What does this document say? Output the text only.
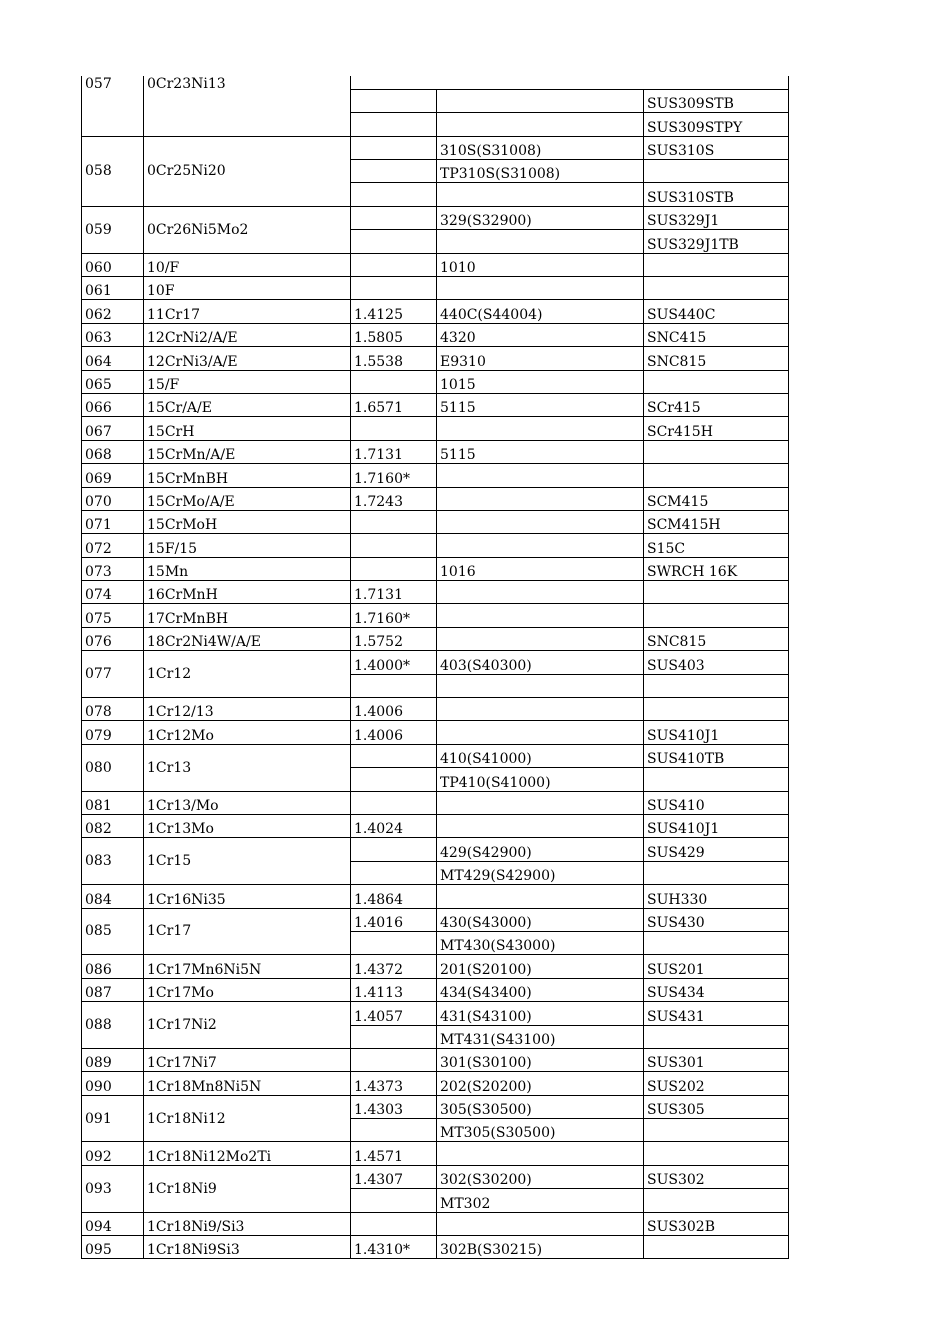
057	0Cr23Ni13			
				SUS309STB
				SUS309STPY
058	0Cr25Ni20		310S(S31008)	SUS310S
			TP310S(S31008)	
				SUS310STB
059	0Cr26Ni5Mo2		329(S32900)	SUS329J1
				SUS329J1TB
060	10/F		1010	
061	10F			
062	11Cr17	1.4125	440C(S44004)	SUS440C
063	12CrNi2/A/E	1.5805	4320	SNC415
064	12CrNi3/A/E	1.5538	E9310	SNC815
065	15/F		1015	
066	15Cr/A/E	1.6571	5115	SCr415
067	15CrH			SCr415H
068	15CrMn/A/E	1.7131	5115	
069	15CrMnBH	1.7160*		
070	15CrMo/A/E	1.7243		SCM415
071	15CrMoH			SCM415H
072	15F/15			S15C
073	15Mn		1016	SWRCH 16K
074	16CrMnH	1.7131		
075	17CrMnBH	1.7160*		
076	18Cr2Ni4W/A/E	1.5752		SNC815
077	1Cr12	1.4000*	403(S40300)	SUS403

078	1Cr12/13	1.4006		
079	1Cr12Mo	1.4006		SUS410J1
080	1Cr13		410(S41000)	SUS410TB
			TP410(S41000)	
081	1Cr13/Mo			SUS410
082	1Cr13Mo	1.4024		SUS410J1
083	1Cr15		429(S42900)	SUS429
			MT429(S42900)	
084	1Cr16Ni35	1.4864		SUH330
085	1Cr17	1.4016	430(S43000)	SUS430
			MT430(S43000)	
086	1Cr17Mn6Ni5N	1.4372	201(S20100)	SUS201
087	1Cr17Mo	1.4113	434(S43400)	SUS434
088	1Cr17Ni2	1.4057	431(S43100)	SUS431
			MT431(S43100)	
089	1Cr17Ni7		301(S30100)	SUS301
090	1Cr18Mn8Ni5N	1.4373	202(S20200)	SUS202
091	1Cr18Ni12	1.4303	305(S30500)	SUS305
			MT305(S30500)	
092	1Cr18Ni12Mo2Ti	1.4571		
093	1Cr18Ni9	1.4307	302(S30200)	SUS302
			MT302	
094	1Cr18Ni9/Si3			SUS302B
095	1Cr18Ni9Si3	1.4310*	302B(S30215)	
